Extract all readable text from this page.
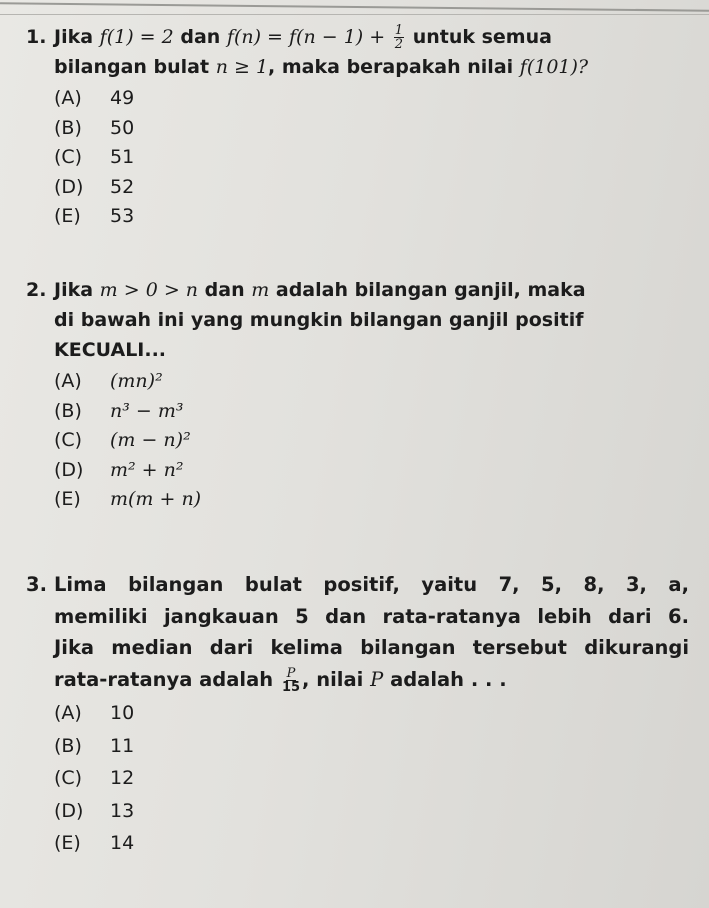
1. Jika f(1) = 2 dan $f(n) = f(n - 1) + \frac{1}{2}$ untuk semua
bilangan bulat n ≥ 1, maka berapakah nilai f(101)?
(A)	49
(B)	50
(C)	51
(D)	52
(E)	53
2. Jika m > 0 > n dan m adalah bilangan ganjil, maka
di bawah ini yang mungkin bilangan ganjil positif
KECUALI...
(A)	(mn)²
(B)	n³ − m³
(C)	(m − n)²
(D)	m² + n²
(E)	m(m + n)
3. Lima bilangan bulat positif, yaitu 7, 5, 8, 3, a,
memiliki jangkauan 5 dan rata-ratanya lebih dari 6.
Jika median dari kelima bilangan tersebut dikurangi
rata-ratanya adalah $\frac{P}{15}$ , nilai P adalah . . .
(A)	10
(B)	11
(C)	12
(D)	13
(E)	14
